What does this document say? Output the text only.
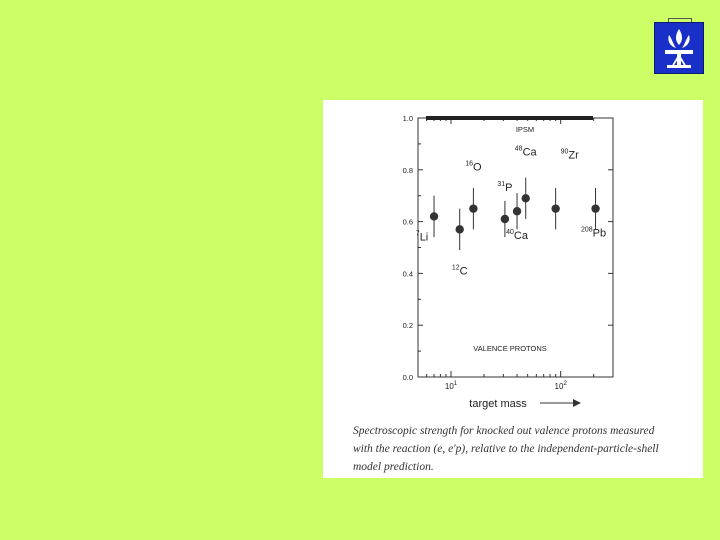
0.0
0.2
0.4
0.6
0.8
1.0
$10^1$	$10^2$
IPSM
$^7$Li
$^{12}$C
$^{16}$O
$^{31}$P
$^{40}$Ca
$^{48}$Ca	$^{90}$Zr
$^{208}$Pb
VALENCE PROTONS
target mass
Spectroscopic strength for knocked out valence protons measured
with the reaction (e, e′p), relative to the independent-particle-shell
model prediction.
